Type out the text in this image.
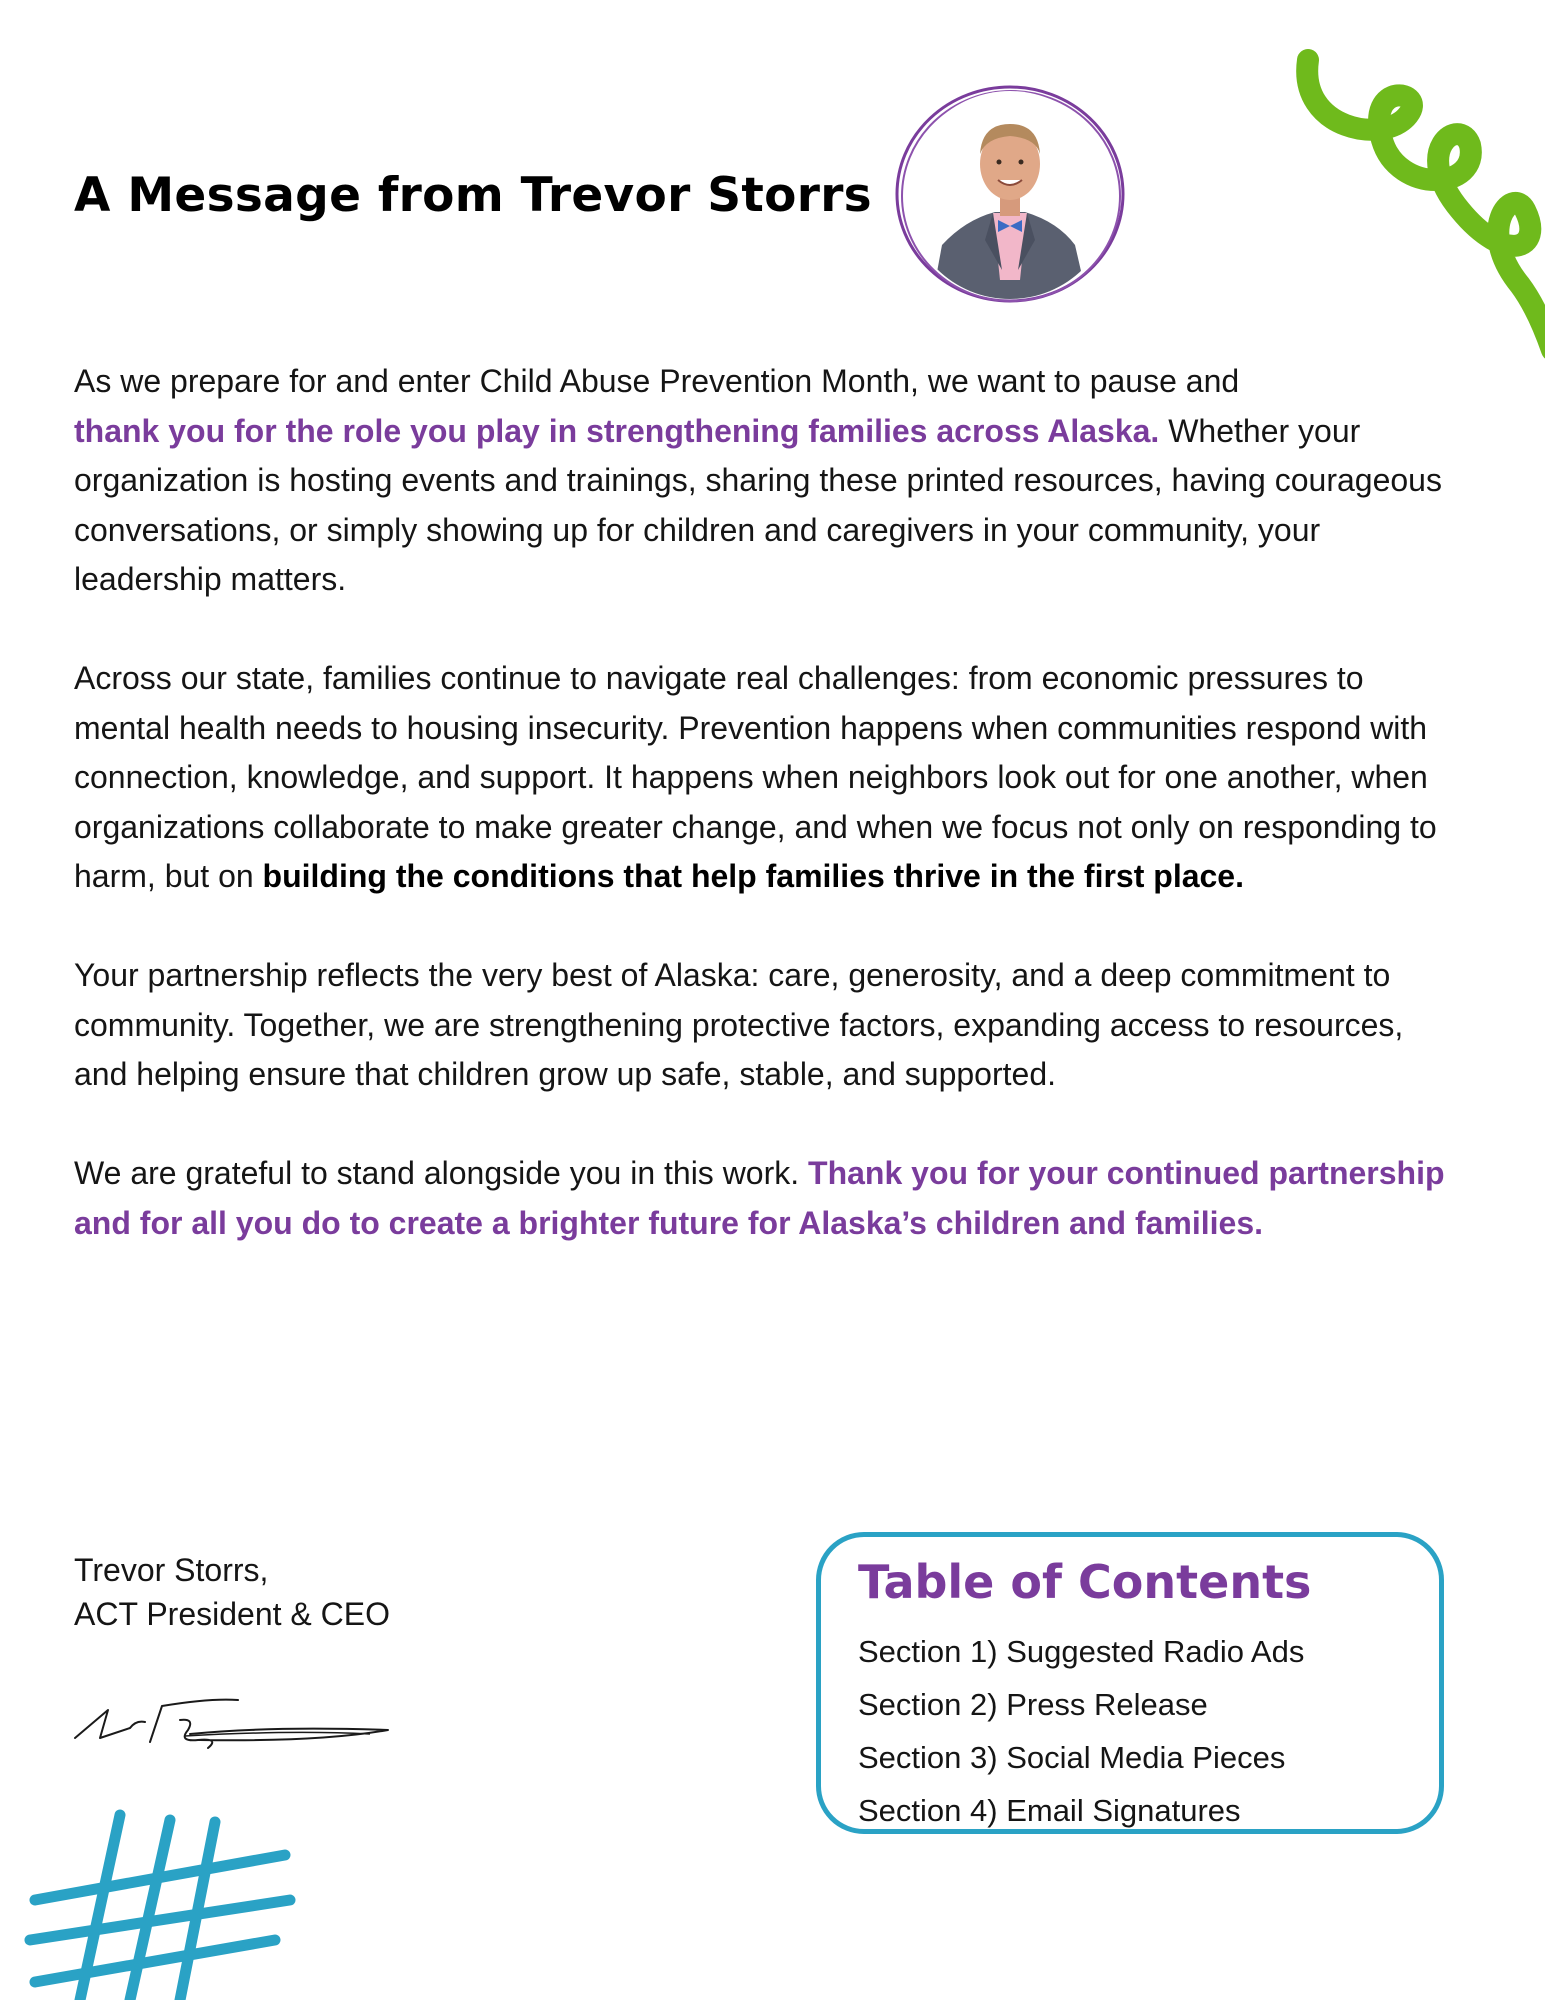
A Message from Trevor Storrs

As we prepare for and enter Child Abuse Prevention Month, we want to pause and
thank you for the role you play in strengthening families across Alaska. Whether your organization is hosting events and trainings, sharing these printed resources, having courageous conversations, or simply showing up for children and caregivers in your community, your leadership matters.

Across our state, families continue to navigate real challenges: from economic pressures to mental health needs to housing insecurity. Prevention happens when communities respond with connection, knowledge, and support. It happens when neighbors look out for one another, when organizations collaborate to make greater change, and when we focus not only on responding to harm, but on building the conditions that help families thrive in the first place.

Your partnership reflects the very best of Alaska: care, generosity, and a deep commitment to community. Together, we are strengthening protective factors, expanding access to resources, and helping ensure that children grow up safe, stable, and supported.

We are grateful to stand alongside you in this work. Thank you for your continued partnership and for all you do to create a brighter future for Alaska’s children and families.

Trevor Storrs,
ACT President & CEO
Table of Contents
Section 1) Suggested Radio Ads
Section 2) Press Release
Section 3) Social Media Pieces
Section 4) Email Signatures
